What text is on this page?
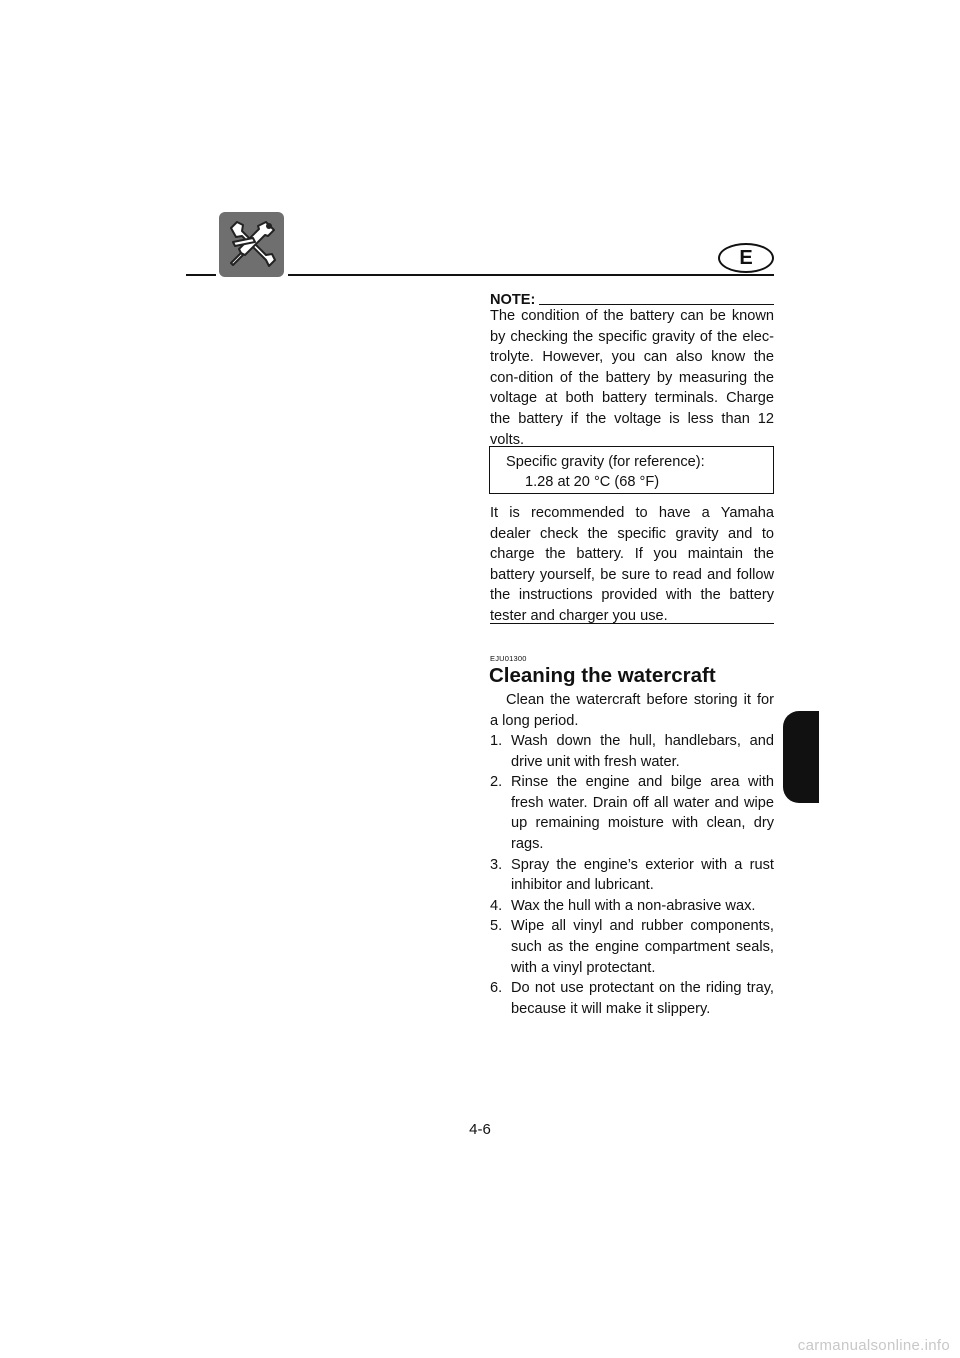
E
NOTE:

The condition of the battery can be known by checking the specific gravity of the elec-trolyte. However, you can also know the con-dition of the battery by measuring the voltage at both battery terminals. Charge the battery if the voltage is less than 12 volts.

Specific gravity (for reference):
1.28 at 20 °C (68 °F)

It is recommended to have a Yamaha dealer check the specific gravity and to charge the battery. If you maintain the battery yourself, be sure to read and follow the instructions provided with the battery tester and charger you use.

EJU01300
Cleaning the watercraft

Clean the watercraft before storing it for a long period.

1. Wash down the hull, handlebars, and drive unit with fresh water.
2. Rinse the engine and bilge area with fresh water. Drain off all water and wipe up remaining moisture with clean, dry rags.
3. Spray the engine’s exterior with a rust inhibitor and lubricant.
4. Wax the hull with a non-abrasive wax.
5. Wipe all vinyl and rubber components, such as the engine compartment seals, with a vinyl protectant.
6. Do not use protectant on the riding tray, because it will make it slippery.
4-6
carmanualsonline.info
